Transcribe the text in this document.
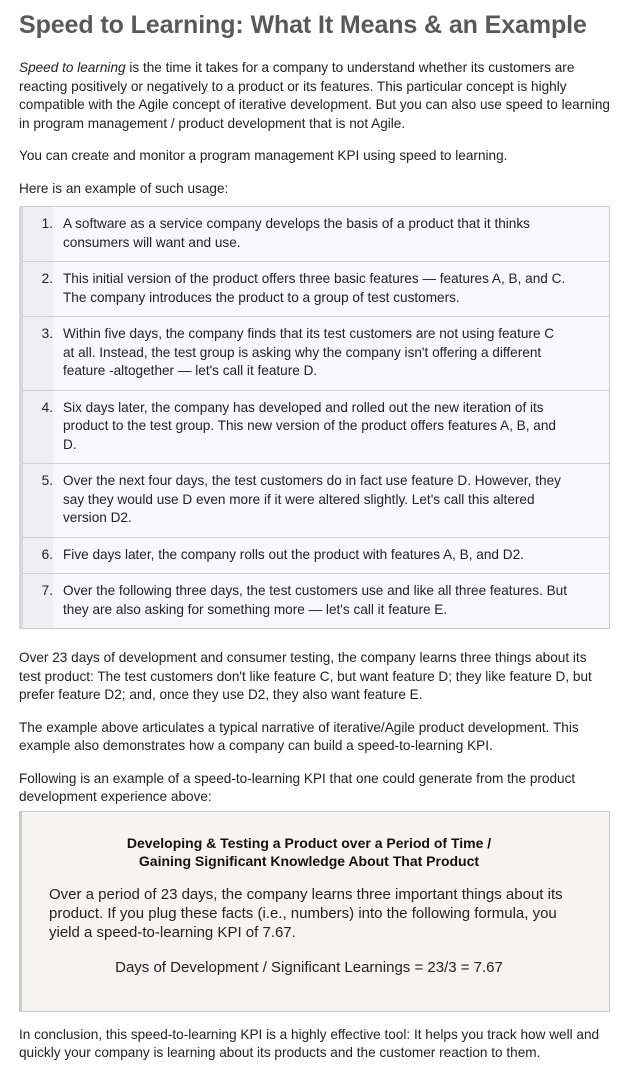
Speed to Learning: What It Means & an Example

Speed to learning is the time it takes for a company to understand whether its customers are reacting positively or negatively to a product or its features. This particular concept is highly compatible with the Agile concept of iterative development. But you can also use speed to learning in program management / product development that is not Agile.

You can create and monitor a program management KPI using speed to learning.

Here is an example of such usage:

1. A software as a service company develops the basis of a product that it thinks consumers will want and use.
2. This initial version of the product offers three basic features — features A, B, and C. The company introduces the product to a group of test customers.
3. Within five days, the company finds that its test customers are not using feature C at all. Instead, the test group is asking why the company isn't offering a different feature -altogether — let's call it feature D.
4. Six days later, the company has developed and rolled out the new iteration of its product to the test group. This new version of the product offers features A, B, and D.
5. Over the next four days, the test customers do in fact use feature D. However, they say they would use D even more if it were altered slightly. Let's call this altered version D2.
6. Five days later, the company rolls out the product with features A, B, and D2.
7. Over the following three days, the test customers use and like all three features. But they are also asking for something more — let's call it feature E.

Over 23 days of development and consumer testing, the company learns three things about its test product: The test customers don't like feature C, but want feature D; they like feature D, but prefer feature D2; and, once they use D2, they also want feature E.

The example above articulates a typical narrative of iterative/Agile product development. This example also demonstrates how a company can build a speed-to-learning KPI.

Following is an example of a speed-to-learning KPI that one could generate from the product development experience above:

Developing & Testing a Product over a Period of Time /
Gaining Significant Knowledge About That Product

Over a period of 23 days, the company learns three important things about its product. If you plug these facts (i.e., numbers) into the following formula, you yield a speed-to-learning KPI of 7.67.

Days of Development / Significant Learnings = 23/3 = 7.67

In conclusion, this speed-to-learning KPI is a highly effective tool: It helps you track how well and quickly your company is learning about its products and the customer reaction to them.
